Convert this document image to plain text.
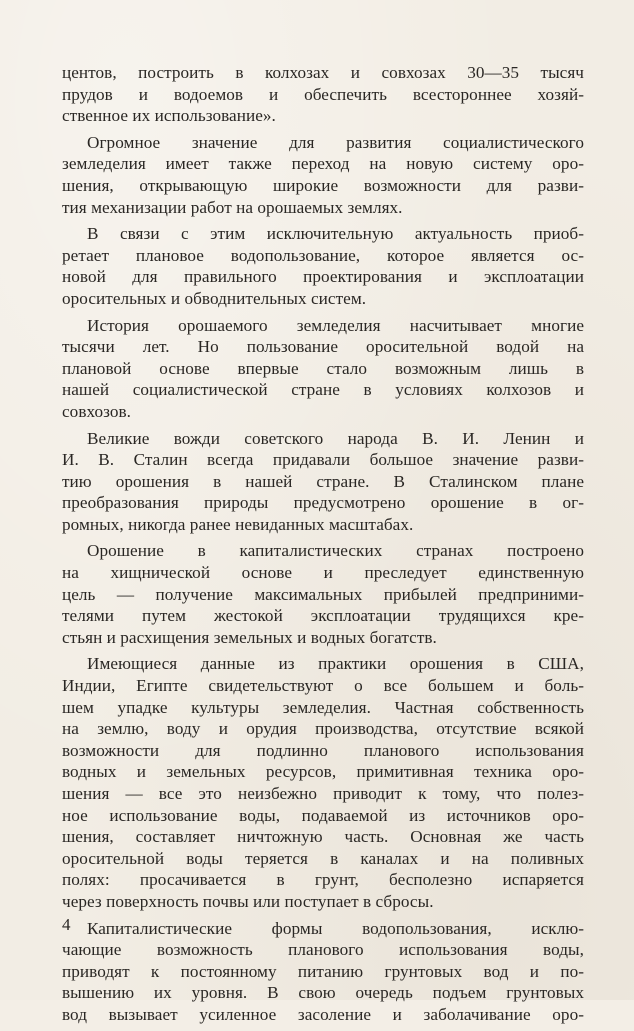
центов, построить в колхозах и совхозах 30—35 тысяч
прудов и водоемов и обеспечить всестороннее хозяй-
ственное их использование».
Огромное значение для развития социалистического
земледелия имеет также переход на новую систему оро-
шения, открывающую широкие возможности для разви-
тия механизации работ на орошаемых землях.
В связи с этим исключительную актуальность приоб-
ретает плановое водопользование, которое является ос-
новой для правильного проектирования и эксплоатации
оросительных и обводнительных систем.
История орошаемого земледелия насчитывает многие
тысячи лет. Но пользование оросительной водой на
плановой основе впервые стало возможным лишь в
нашей социалистической стране в условиях колхозов и
совхозов.
Великие вожди советского народа В. И. Ленин и
И. В. Сталин всегда придавали большое значение разви-
тию орошения в нашей стране. В Сталинском плане
преобразования природы предусмотрено орошение в ог-
ромных, никогда ранее невиданных масштабах.
Орошение в капиталистических странах построено
на хищнической основе и преследует единственную
цель — получение максимальных прибылей предприними-
телями путем жестокой эксплоатации трудящихся кре-
стьян и расхищения земельных и водных богатств.
Имеющиеся данные из практики орошения в США,
Индии, Египте свидетельствуют о все большем и боль-
шем упадке культуры земледелия. Частная собственность
на землю, воду и орудия производства, отсутствие всякой
возможности для подлинно планового использования
водных и земельных ресурсов, примитивная техника оро-
шения — все это неизбежно приводит к тому, что полез-
ное использование воды, подаваемой из источников оро-
шения, составляет ничтожную часть. Основная же часть
оросительной воды теряется в каналах и на поливных
полях: просачивается в грунт, бесполезно испаряется
через поверхность почвы или поступает в сбросы.
Капиталистические формы водопользования, исклю-
чающие возможность планового использования воды,
приводят к постоянному питанию грунтовых вод и по-
вышению их уровня. В свою очередь подъем грунтовых
вод вызывает усиленное засоление и заболачивание оро-
4
